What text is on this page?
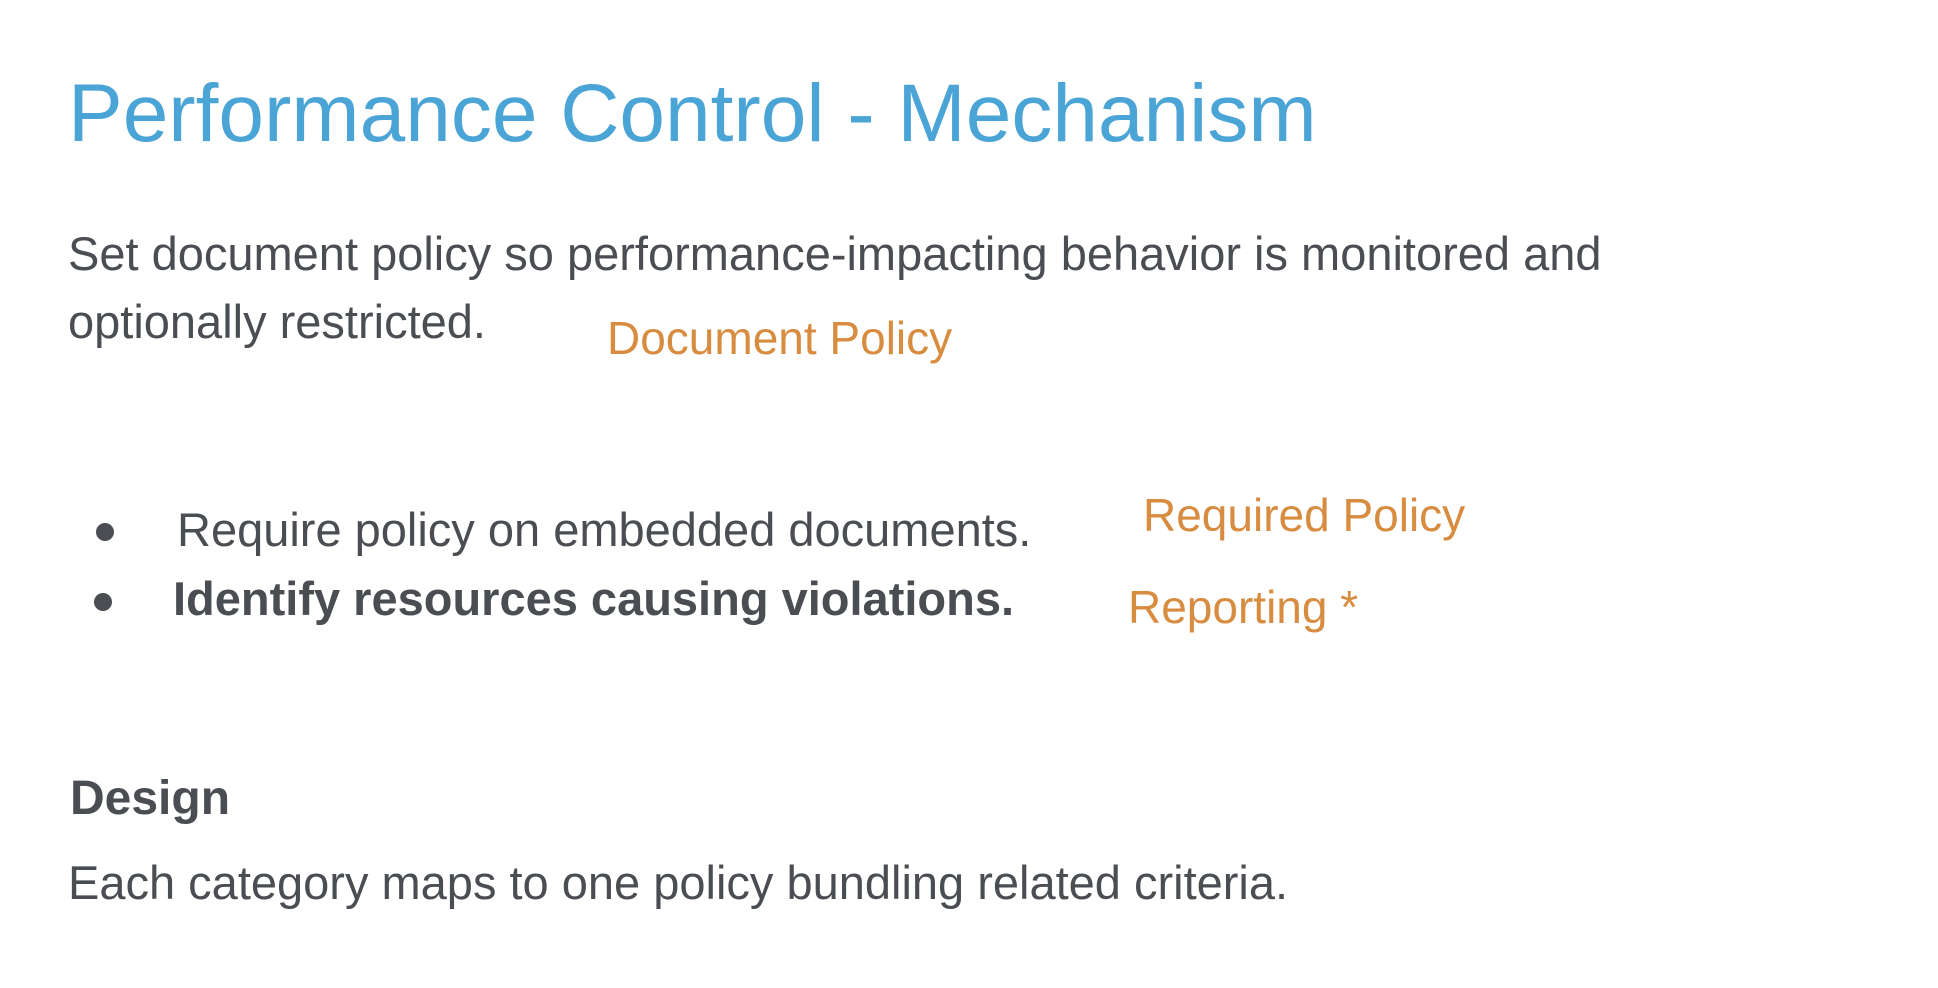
Performance Control - Mechanism
Set document policy so performance-impacting behavior is monitored and
optionally restricted.	Document Policy
Require policy on embedded documents. Required Policy
Identify resources causing violations. Reporting *
Design
Each category maps to one policy bundling related criteria.
